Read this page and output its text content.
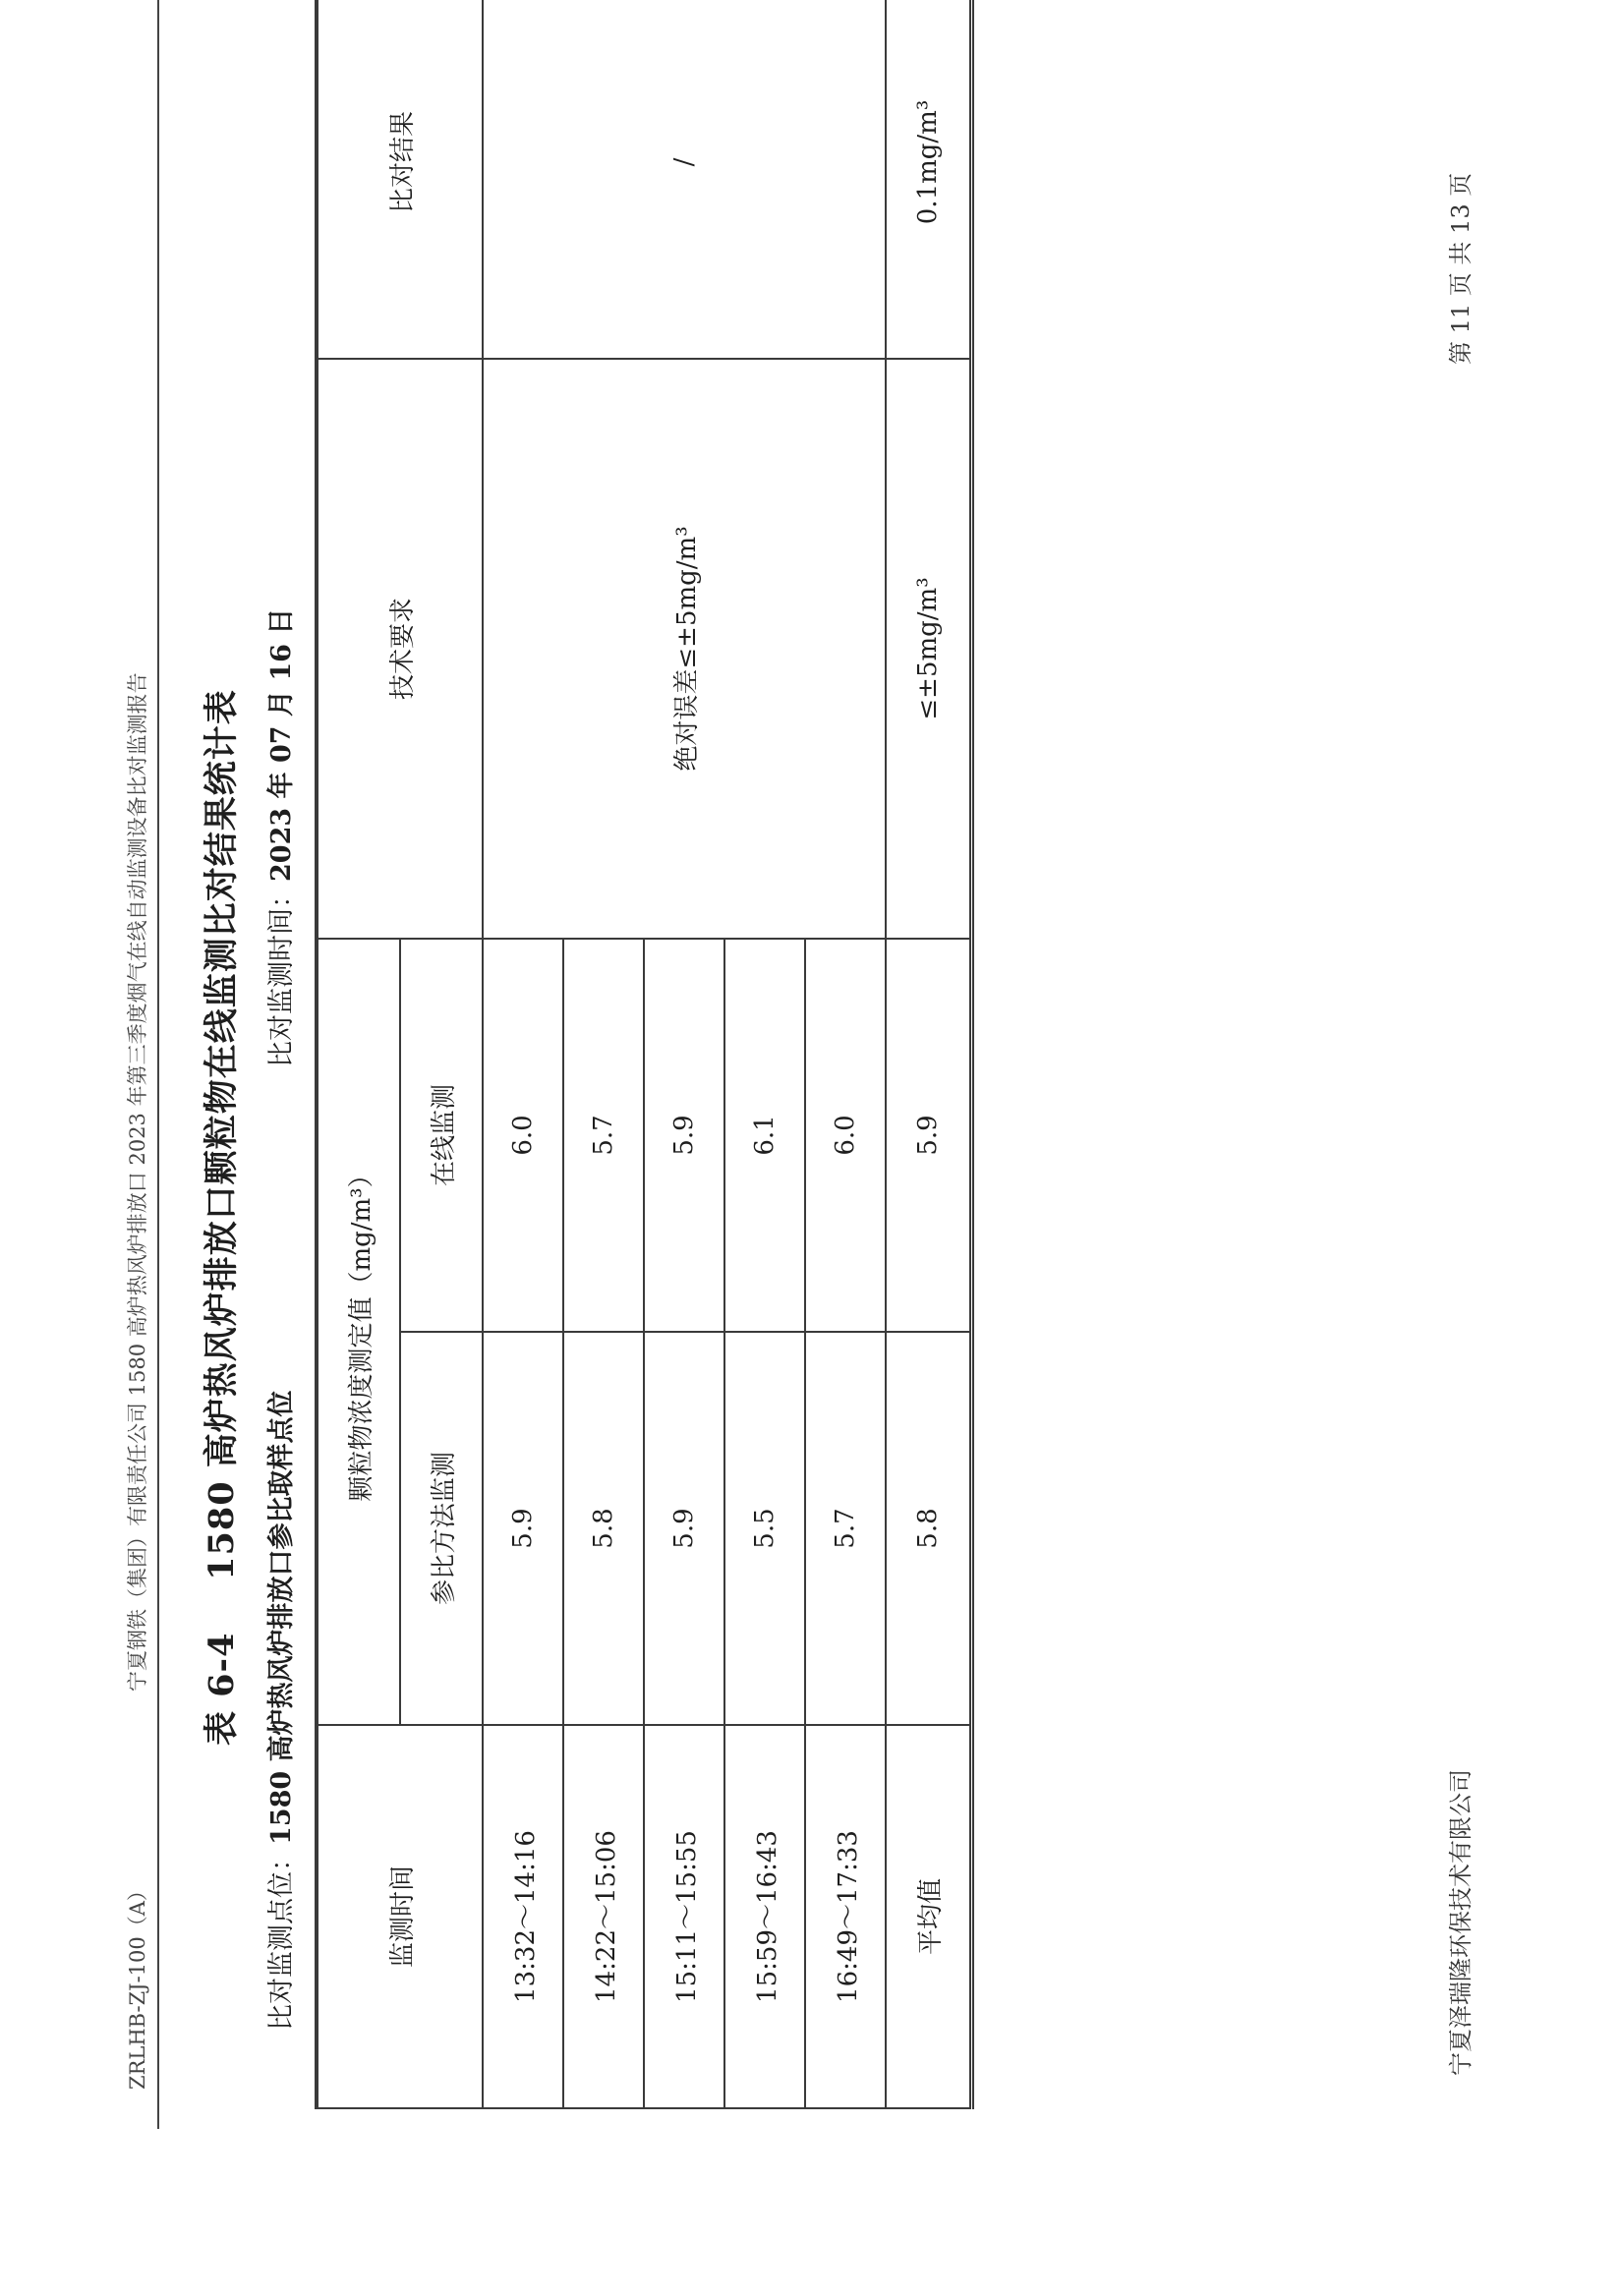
ZRLHB-ZJ-100（A）
宁夏钢铁（集团）有限责任公司 1580 高炉热风炉排放口 2023 年第三季度烟气在线自动监测设备比对监测报告 表 6-4    1580 高炉热风炉排放口颗粒物在线监测比对结果统计表
比对监测点位：1580 高炉热风炉排放口参比取样点位
比对监测时间：2023 年 07 月 16 日
监测时间	颗粒物浓度测定值（mg/m³）		技术要求	比对结果
	参比方法监测	在线监测		
13:32～14:16	5.9	6.0	绝对误差≤±5mg/m³	/
14:22～15:06	5.8	5.7		
15:11～15:55	5.9	5.9		
15:59～16:43	5.5	6.1		
16:49～17:33	5.7	6.0		
平均值	5.8	5.9	≤±5mg/m³	0.1mg/m³
宁夏泽瑞隆环保技术有限公司
第 11 页 共 13 页
